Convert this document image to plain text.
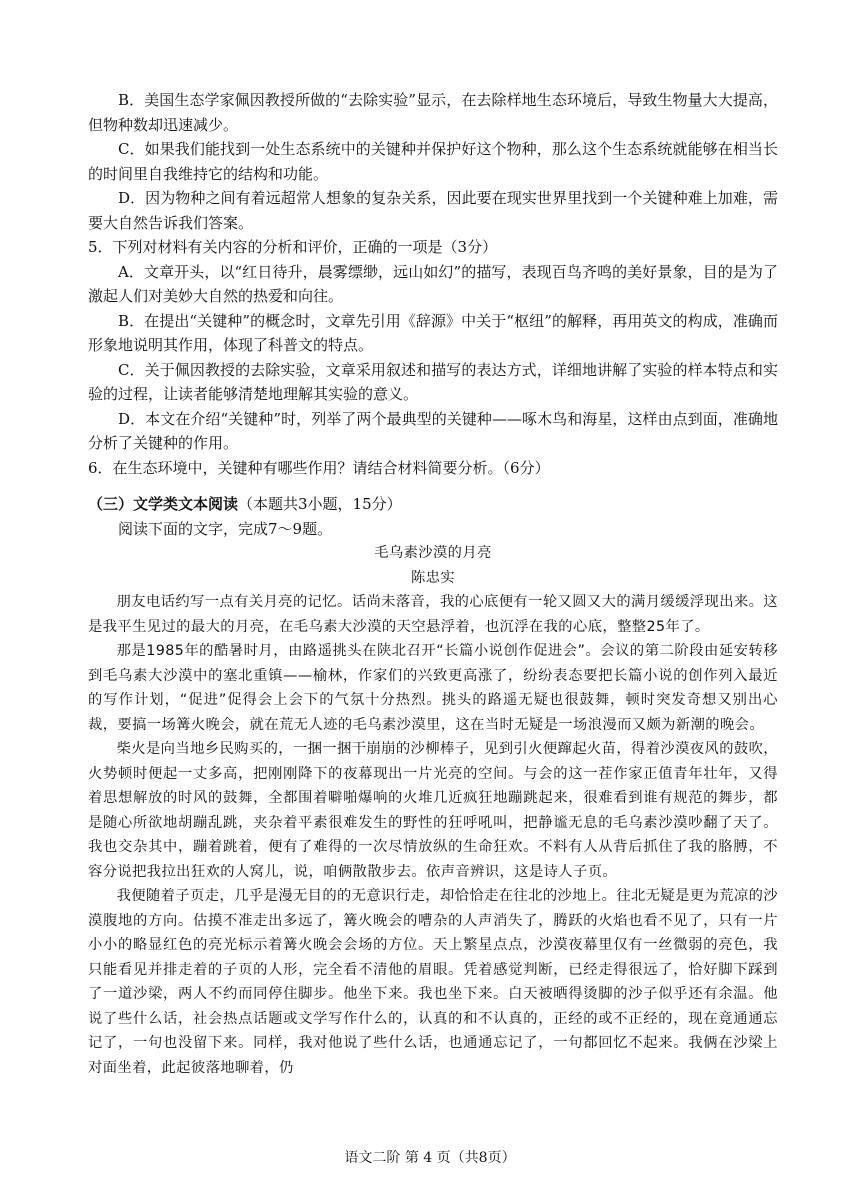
B．美国生态学家佩因教授所做的“去除实验”显示，在去除样地生态环境后，导致生物量大大提高，但物种数却迅速减少。

C．如果我们能找到一处生态系统中的关键种并保护好这个物种，那么这个生态系统就能够在相当长的时间里自我维持它的结构和功能。

D．因为物种之间有着远超常人想象的复杂关系，因此要在现实世界里找到一个关键种难上加难，需要大自然告诉我们答案。

5．下列对材料有关内容的分析和评价，正确的一项是（3分）

A．文章开头，以“红日待升，晨雾缥缈，远山如幻”的描写，表现百鸟齐鸣的美好景象，目的是为了激起人们对美妙大自然的热爱和向往。

B．在提出“关键种”的概念时，文章先引用《辞源》中关于“枢纽”的解释，再用英文的构成，准确而形象地说明其作用，体现了科普文的特点。

C．关于佩因教授的去除实验，文章采用叙述和描写的表达方式，详细地讲解了实验的样本特点和实验的过程，让读者能够清楚地理解其实验的意义。

D．本文在介绍“关键种”时，列举了两个最典型的关键种——啄木鸟和海星，这样由点到面，准确地分析了关键种的作用。

6．在生态环境中，关键种有哪些作用？请结合材料简要分析。（6分）

（三）文学类文本阅读（本题共3小题，15分）

阅读下面的文字，完成7～9题。

毛乌素沙漠的月亮

陈忠实

朋友电话约写一点有关月亮的记忆。话尚未落音，我的心底便有一轮又圆又大的满月缓缓浮现出来。这是我平生见过的最大的月亮，在毛乌素大沙漠的天空悬浮着，也沉浮在我的心底，整整25年了。

那是1985年的酷暑时月，由路遥挑头在陕北召开“长篇小说创作促进会”。会议的第二阶段由延安转移到毛乌素大沙漠中的塞北重镇——榆林，作家们的兴致更高涨了，纷纷表态要把长篇小说的创作列入最近的写作计划，“促进”促得会上会下的气氛十分热烈。挑头的路遥无疑也很鼓舞，顿时突发奇想又别出心裁，要搞一场篝火晚会，就在荒无人迹的毛乌素沙漠里，这在当时无疑是一场浪漫而又颇为新潮的晚会。

柴火是向当地乡民购买的，一捆一捆干崩崩的沙柳棒子，见到引火便蹿起火苗，得着沙漠夜风的鼓吹，火势顿时便起一丈多高，把刚刚降下的夜幕现出一片光亮的空间。与会的这一茬作家正值青年壮年，又得着思想解放的时风的鼓舞，全都围着噼啪爆响的火堆几近疯狂地蹦跳起来，很难看到谁有规范的舞步，都是随心所欲地胡蹦乱跳，夹杂着平素很难发生的野性的狂呼吼叫，把静谧无息的毛乌素沙漠吵翻了天了。我也交杂其中，蹦着跳着，便有了难得的一次尽情放纵的生命狂欢。不料有人从背后抓住了我的胳膊，不容分说把我拉出狂欢的人窝儿，说，咱俩散散步去。依声音辨识，这是诗人子页。

我便随着子页走，几乎是漫无目的的无意识行走，却恰恰走在往北的沙地上。往北无疑是更为荒凉的沙漠腹地的方向。估摸不准走出多远了，篝火晚会的嘈杂的人声消失了，腾跃的火焰也看不见了，只有一片小小的略显红色的亮光标示着篝火晚会会场的方位。天上繁星点点，沙漠夜幕里仅有一丝微弱的亮色，我只能看见并排走着的子页的人形，完全看不清他的眉眼。凭着感觉判断，已经走得很远了，恰好脚下踩到了一道沙梁，两人不约而同停住脚步。他坐下来。我也坐下来。白天被晒得烫脚的沙子似乎还有余温。他说了些什么话，社会热点话题或文学写作什么的，认真的和不认真的，正经的或不正经的，现在竟通通忘记了，一句也没留下来。同样，我对他说了些什么话，也通通忘记了，一句都回忆不起来。我俩在沙梁上对面坐着，此起彼落地聊着，仍

语文二阶 第 4 页（共8页）
